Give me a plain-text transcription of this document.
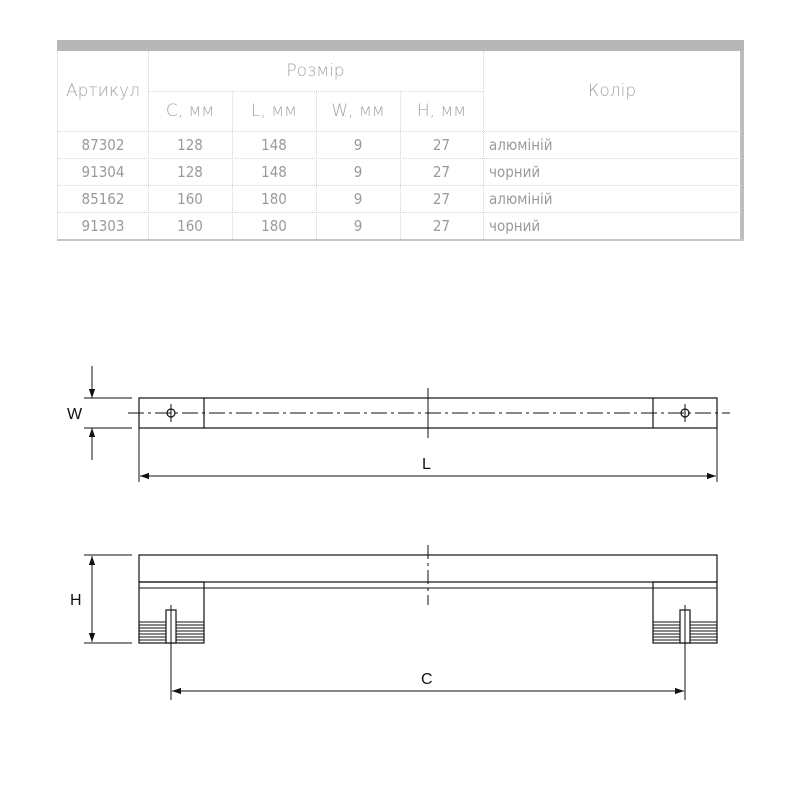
Артикул
Розмір
C, мм	L, мм	W, мм	H, мм
Колір
87302	128	148	9	27	алюміній
91304	128	148	9	27	чорний
85162	160	180	9	27	алюміній
91303	160	180	9	27	чорний
W
L
H
C
